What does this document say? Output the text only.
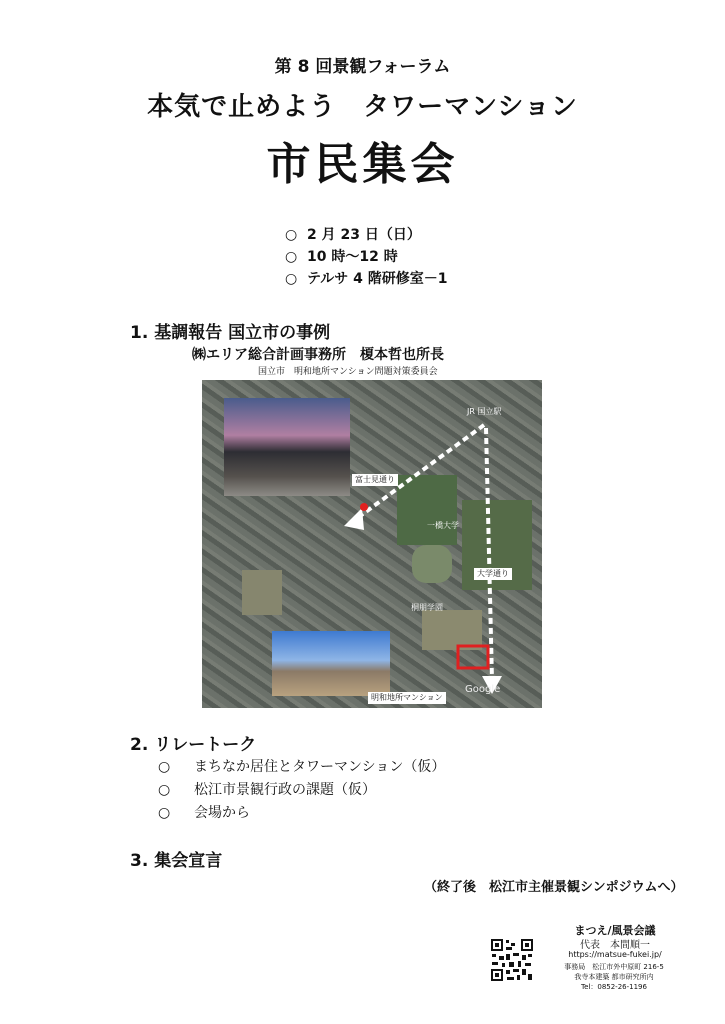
第 8 回景観フォーラム
本気で止めよう　タワーマンション
市民集会
○ 2 月 23 日（日）
○ 10 時～12 時
○ テルサ 4 階研修室－1
1. 基調報告 国立市の事例
㈱エリア総合計画事務所　榎本哲也所長
国立市　明和地所マンション問題対策委員会
JR 国立駅
富士見通り
一橋大学
大学通り
桐朋学園
明和地所マンション
Google
2. リレートーク
○ まちなか居住とタワーマンション（仮）
○ 松江市景観行政の課題（仮）
○ 会場から
3. 集会宣言
（終了後　松江市主催景観シンポジウムへ）
まつえ/風景会議
代表　本間順一
https://matsue-fukei.jp/
事務局　松江市外中原町 216-5
我寺本建築 都市研究所内
Tel：0852-26-1196
